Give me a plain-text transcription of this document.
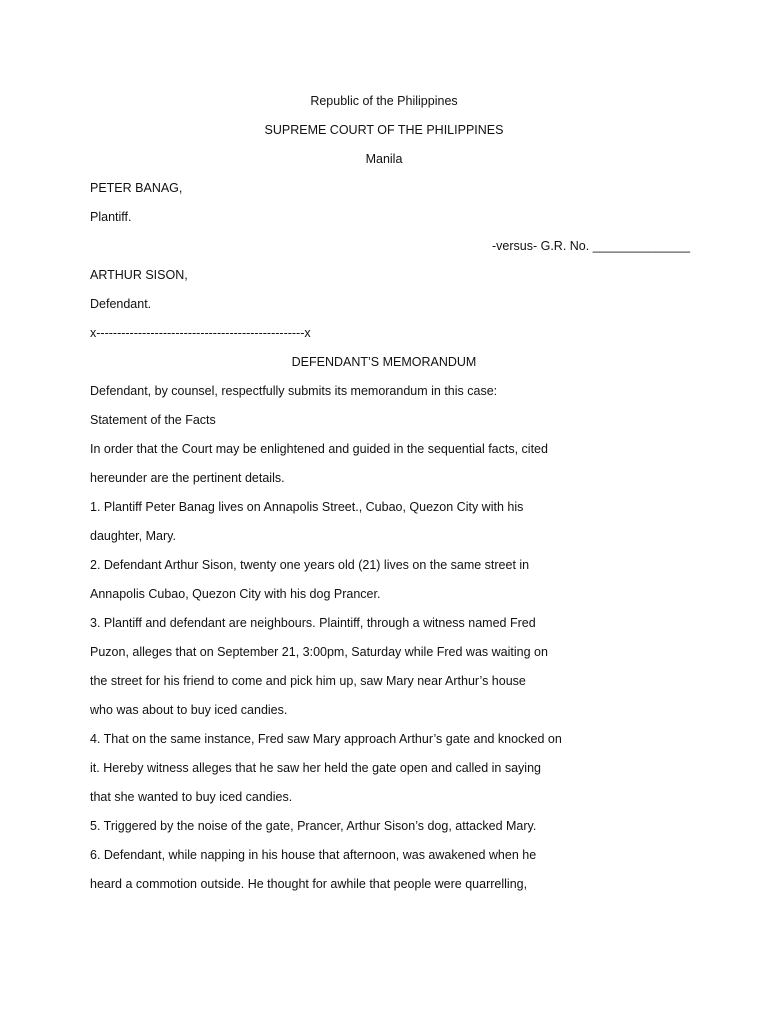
Republic of the Philippines
SUPREME COURT OF THE PHILIPPINES
Manila
PETER BANAG,
Plantiff.
-versus- G.R. No. ______________
ARTHUR SISON,
Defendant.
x--------------------------------------------------x
DEFENDANT’S MEMORANDUM
Defendant, by counsel, respectfully submits its memorandum in this case:
Statement of the Facts
In order that the Court may be enlightened and guided in the sequential facts, cited
hereunder are the pertinent details.
1. Plantiff Peter Banag lives on Annapolis Street., Cubao, Quezon City with his
daughter, Mary.
2. Defendant Arthur Sison, twenty one years old (21) lives on the same street in
Annapolis Cubao, Quezon City with his dog Prancer.
3. Plantiff and defendant are neighbours. Plaintiff, through a witness named Fred
Puzon, alleges that on September 21, 3:00pm, Saturday while Fred was waiting on
the street for his friend to come and pick him up, saw Mary near Arthur’s house
who was about to buy iced candies.
4. That on the same instance, Fred saw Mary approach Arthur’s gate and knocked on
it. Hereby witness alleges that he saw her held the gate open and called in saying
that she wanted to buy iced candies.
5. Triggered by the noise of the gate, Prancer, Arthur Sison’s dog, attacked Mary.
6. Defendant, while napping in his house that afternoon, was awakened when he
heard a commotion outside. He thought for awhile that people were quarrelling,
